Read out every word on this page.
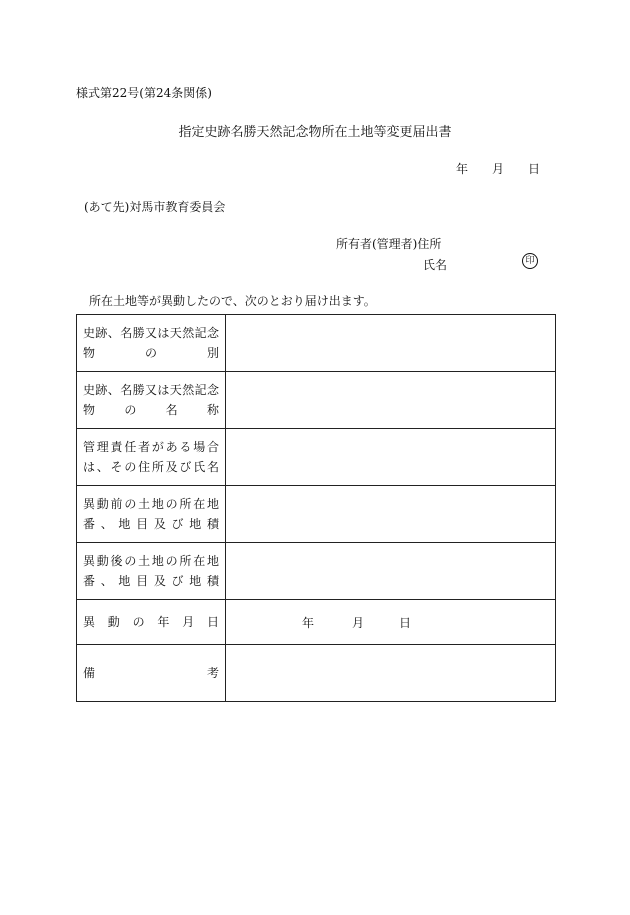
様式第22号(第24条関係)
指定史跡名勝天然記念物所在土地等変更届出書
年 月 日
(あて先)対馬市教育委員会
所有者(管理者)住所
氏名	印
所在土地等が異動したので、次のとおり届け出ます。
史跡、名勝又は天然記念
物 の 別	

史跡、名勝又は天然記念
物 の 名 称	

管理責任者がある場合
は、その住所及び氏名	

異動前の土地の所在地
番、地目及び地積	

異動後の土地の所在地
番、地目及び地積	

異 動 の 年 月 日	年 月 日

備 考	
